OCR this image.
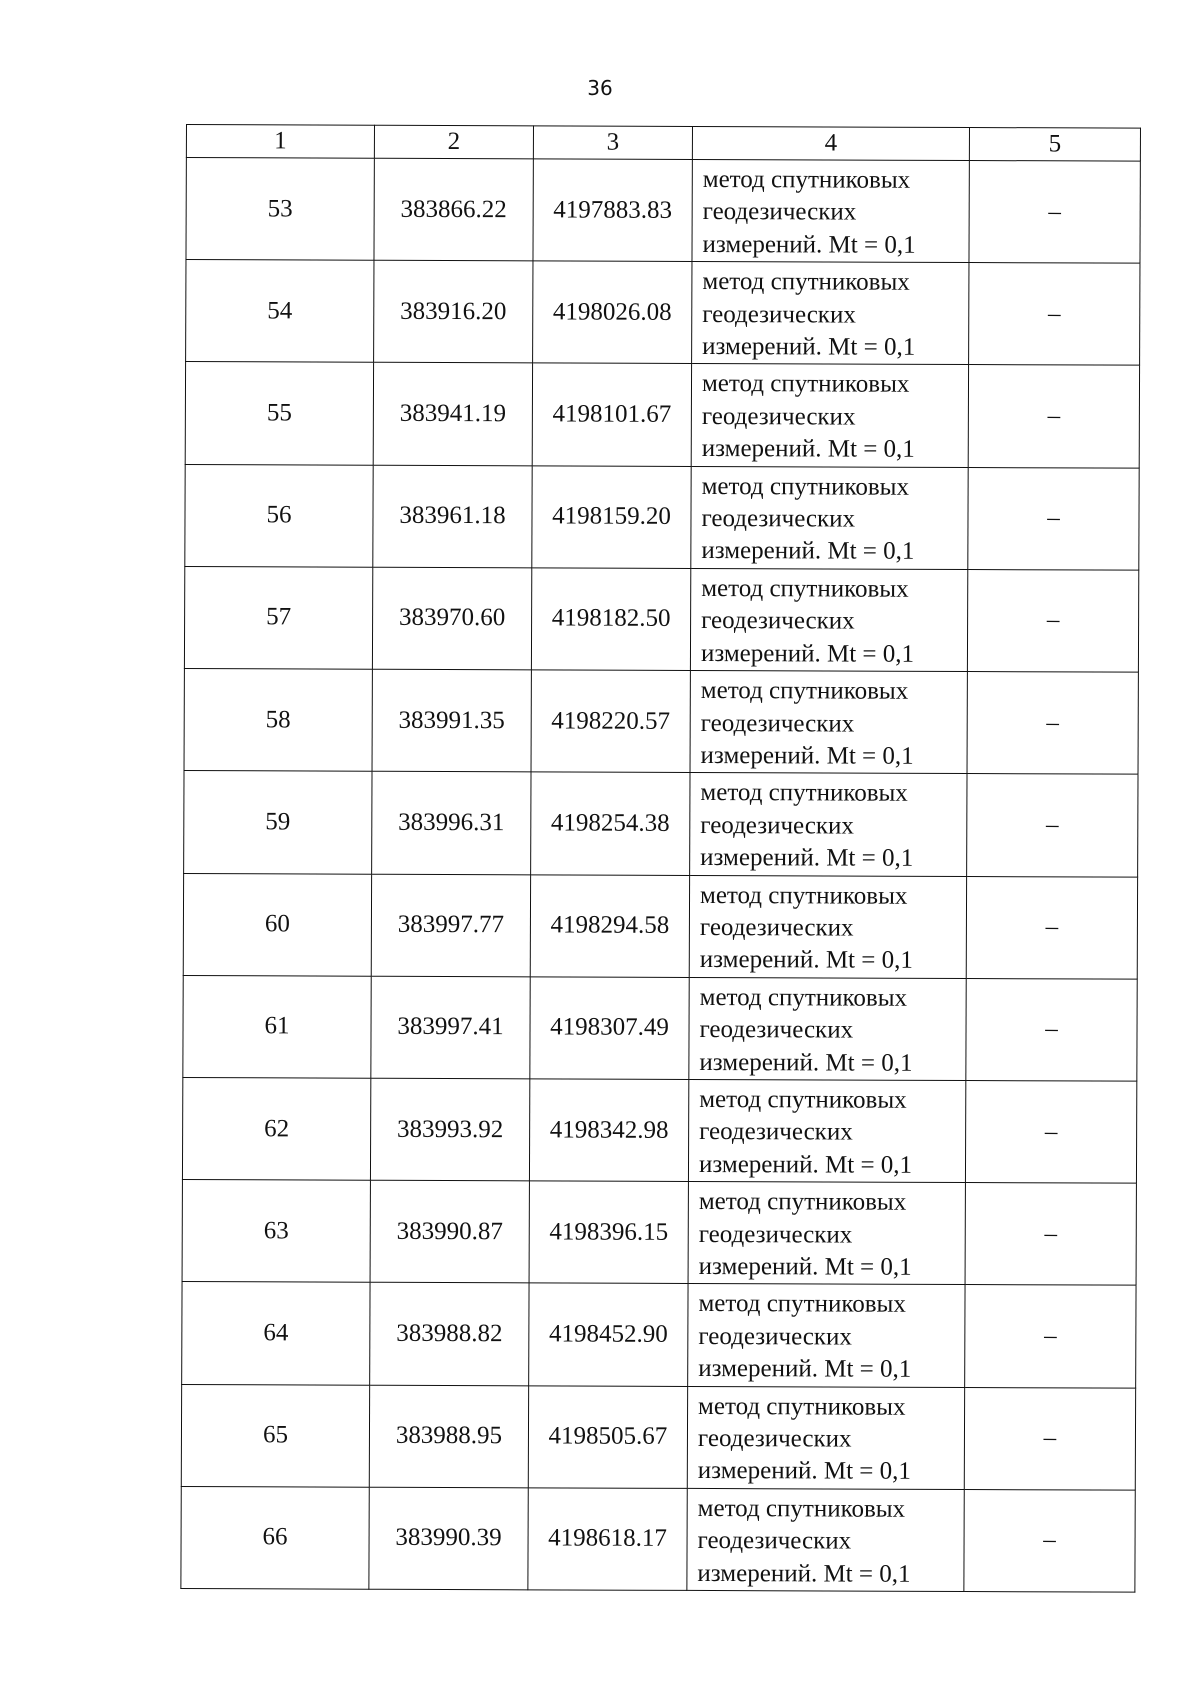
36
1	2	3	4	5
53	383866.22	4197883.83	метод спутниковых
геодезических
измерений. Mt = 0,1	–
54	383916.20	4198026.08	метод спутниковых
геодезических
измерений. Mt = 0,1	–
55	383941.19	4198101.67	метод спутниковых
геодезических
измерений. Mt = 0,1	–
56	383961.18	4198159.20	метод спутниковых
геодезических
измерений. Mt = 0,1	–
57	383970.60	4198182.50	метод спутниковых
геодезических
измерений. Mt = 0,1	–
58	383991.35	4198220.57	метод спутниковых
геодезических
измерений. Mt = 0,1	–
59	383996.31	4198254.38	метод спутниковых
геодезических
измерений. Mt = 0,1	–
60	383997.77	4198294.58	метод спутниковых
геодезических
измерений. Mt = 0,1	–
61	383997.41	4198307.49	метод спутниковых
геодезических
измерений. Mt = 0,1	–
62	383993.92	4198342.98	метод спутниковых
геодезических
измерений. Mt = 0,1	–
63	383990.87	4198396.15	метод спутниковых
геодезических
измерений. Mt = 0,1	–
64	383988.82	4198452.90	метод спутниковых
геодезических
измерений. Mt = 0,1	–
65	383988.95	4198505.67	метод спутниковых
геодезических
измерений. Mt = 0,1	–
66	383990.39	4198618.17	метод спутниковых
геодезических
измерений. Mt = 0,1	–
